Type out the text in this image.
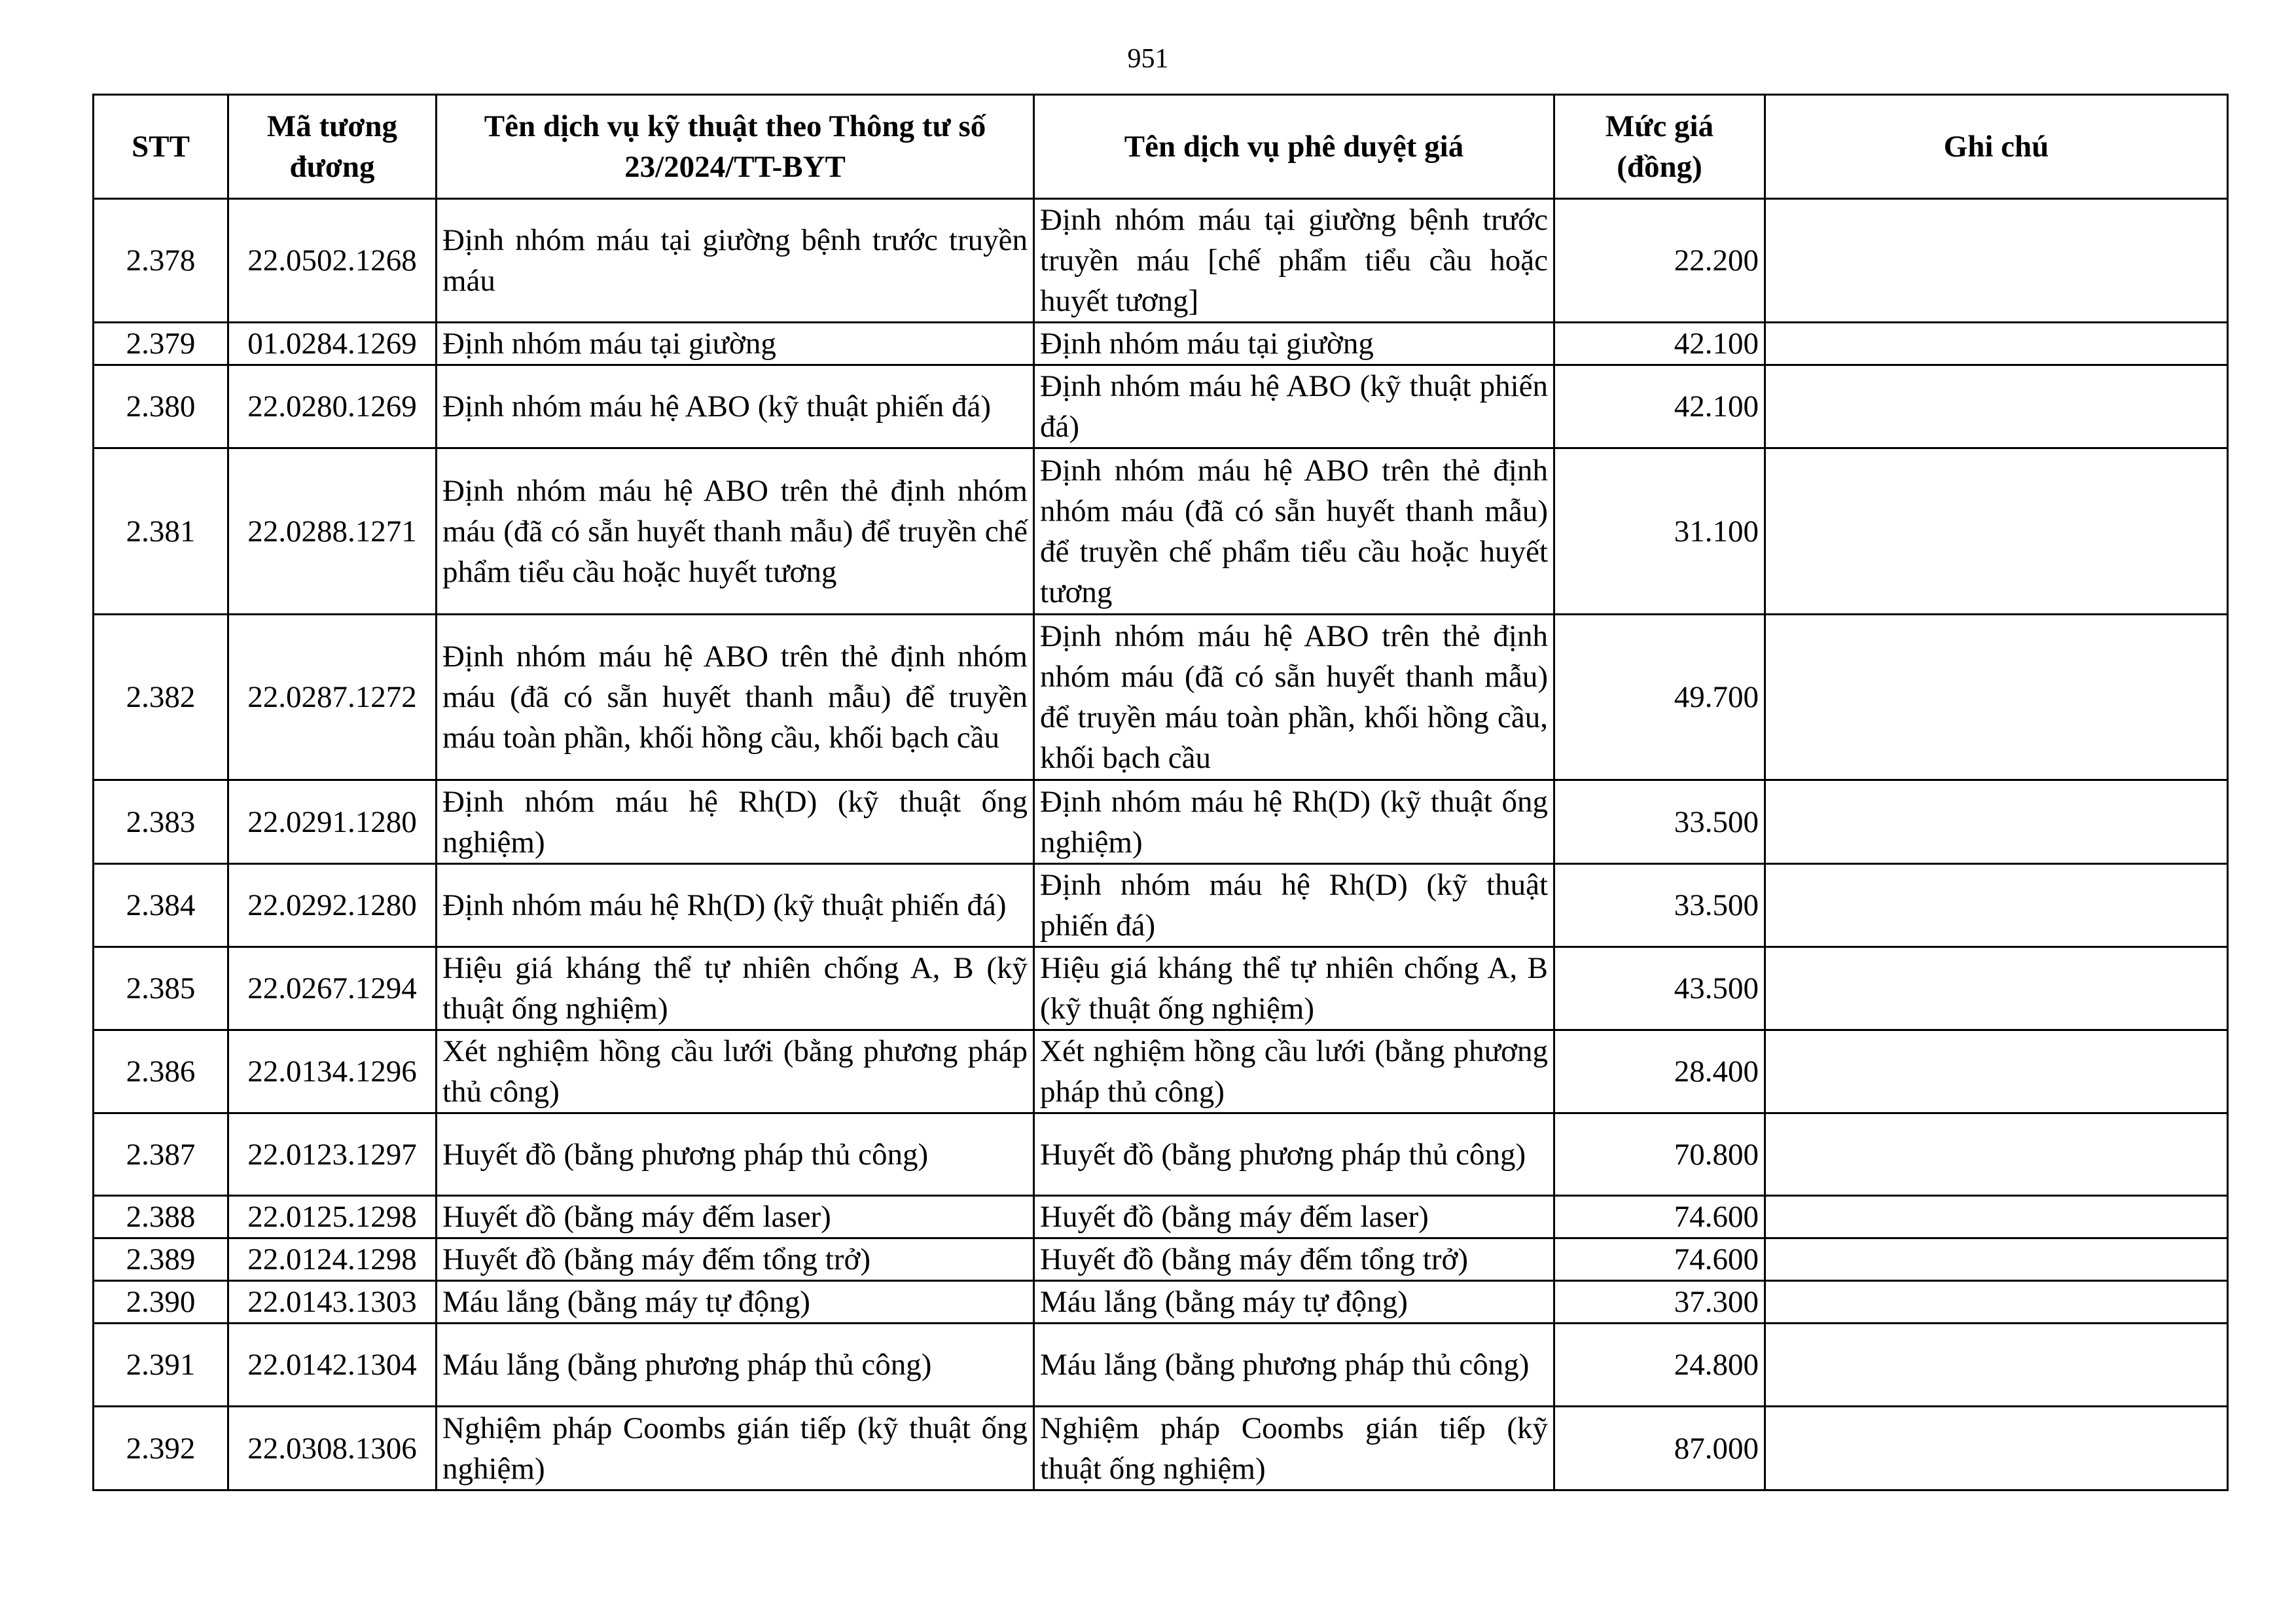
951
STT	Mã tương đương	Tên dịch vụ kỹ thuật theo Thông tư số 23/2024/TT-BYT	Tên dịch vụ phê duyệt giá	Mức giá (đồng)	Ghi chú
2.378	22.0502.1268	Định nhóm máu tại giường bệnh trước truyền máu	Định nhóm máu tại giường bệnh trước truyền máu [chế phẩm tiểu cầu hoặc huyết tương]	22.200	
2.379	01.0284.1269	Định nhóm máu tại giường	Định nhóm máu tại giường	42.100	
2.380	22.0280.1269	Định nhóm máu hệ ABO (kỹ thuật phiến đá)	Định nhóm máu hệ ABO (kỹ thuật phiến đá)	42.100	
2.381	22.0288.1271	Định nhóm máu hệ ABO trên thẻ định nhóm máu (đã có sẵn huyết thanh mẫu) để truyền chế phẩm tiểu cầu hoặc huyết tương	Định nhóm máu hệ ABO trên thẻ định nhóm máu (đã có sẵn huyết thanh mẫu) để truyền chế phẩm tiểu cầu hoặc huyết tương	31.100	
2.382	22.0287.1272	Định nhóm máu hệ ABO trên thẻ định nhóm máu (đã có sẵn huyết thanh mẫu) để truyền máu toàn phần, khối hồng cầu, khối bạch cầu	Định nhóm máu hệ ABO trên thẻ định nhóm máu (đã có sẵn huyết thanh mẫu) để truyền máu toàn phần, khối hồng cầu, khối bạch cầu	49.700	
2.383	22.0291.1280	Định nhóm máu hệ Rh(D) (kỹ thuật ống nghiệm)	Định nhóm máu hệ Rh(D) (kỹ thuật ống nghiệm)	33.500	
2.384	22.0292.1280	Định nhóm máu hệ Rh(D) (kỹ thuật phiến đá)	Định nhóm máu hệ Rh(D) (kỹ thuật phiến đá)	33.500	
2.385	22.0267.1294	Hiệu giá kháng thể tự nhiên chống A, B (kỹ thuật ống nghiệm)	Hiệu giá kháng thể tự nhiên chống A, B (kỹ thuật ống nghiệm)	43.500	
2.386	22.0134.1296	Xét nghiệm hồng cầu lưới (bằng phương pháp thủ công)	Xét nghiệm hồng cầu lưới (bằng phương pháp thủ công)	28.400	
2.387	22.0123.1297	Huyết đồ (bằng phương pháp thủ công)	Huyết đồ (bằng phương pháp thủ công)	70.800	
2.388	22.0125.1298	Huyết đồ (bằng máy đếm laser)	Huyết đồ (bằng máy đếm laser)	74.600	
2.389	22.0124.1298	Huyết đồ (bằng máy đếm tổng trở)	Huyết đồ (bằng máy đếm tổng trở)	74.600	
2.390	22.0143.1303	Máu lắng (bằng máy tự động)	Máu lắng (bằng máy tự động)	37.300	
2.391	22.0142.1304	Máu lắng (bằng phương pháp thủ công)	Máu lắng (bằng phương pháp thủ công)	24.800	
2.392	22.0308.1306	Nghiệm pháp Coombs gián tiếp (kỹ thuật ống nghiệm)	Nghiệm pháp Coombs gián tiếp (kỹ thuật ống nghiệm)	87.000	
